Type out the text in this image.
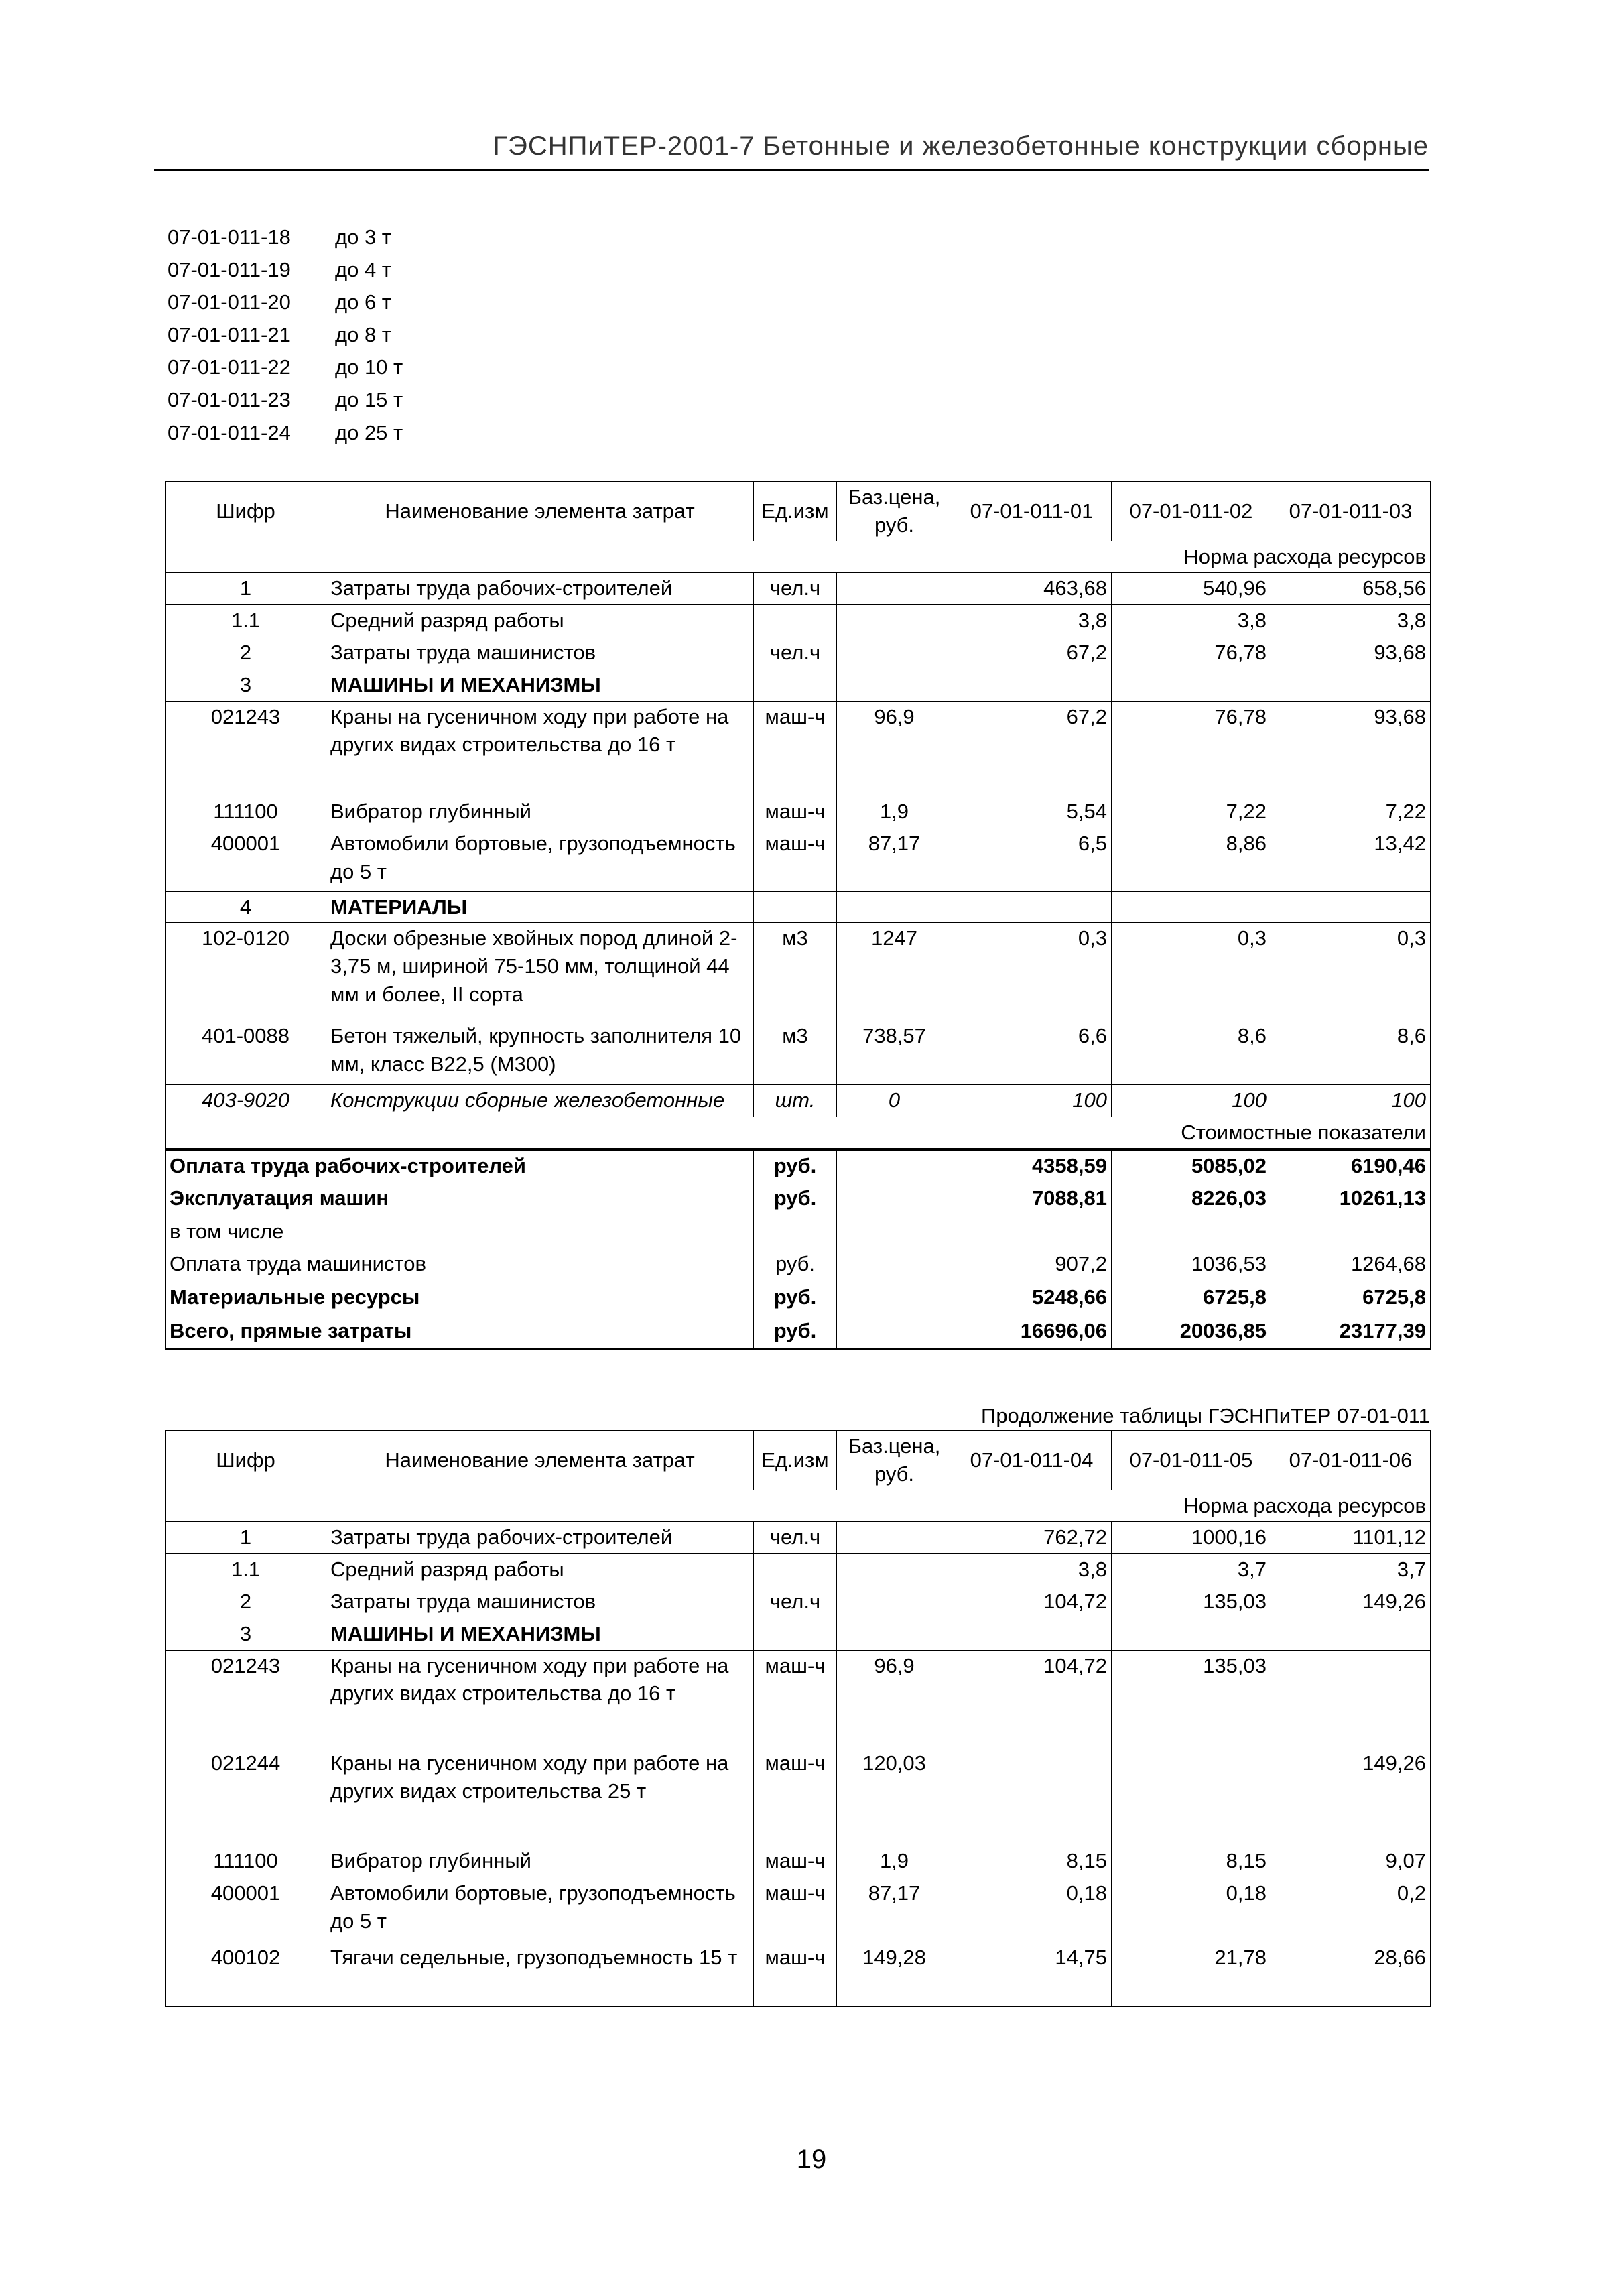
ГЭСНПиТЕР-2001-7 Бетонные и железобетонные конструкции сборные
07-01-011-18	до 3 т
07-01-011-19	до 4 т
07-01-011-20	до 6 т
07-01-011-21	до 8 т
07-01-011-22	до 10 т
07-01-011-23	до 15 т
07-01-011-24	до 25 т
Шифр	Наименование элемента затрат	Ед.изм	Баз.цена, руб.	07-01-011-01	07-01-011-02	07-01-011-03
Норма расхода ресурсов						
1	Затраты труда рабочих-строителей	чел.ч		463,68	540,96	658,56
1.1	Средний разряд работы			3,8	3,8	3,8
2	Затраты труда машинистов	чел.ч		67,2	76,78	93,68
3	МАШИНЫ И МЕХАНИЗМЫ					
021243	Краны на гусеничном ходу при работе на других видах строительства до 16 т	маш-ч	96,9	67,2	76,78	93,68
111100	Вибратор глубинный	маш-ч	1,9	5,54	7,22	7,22
400001	Автомобили бортовые, грузоподъемность до 5 т	маш-ч	87,17	6,5	8,86	13,42
4	МАТЕРИАЛЫ					
102-0120	Доски обрезные хвойных пород длиной 2-3,75 м, шириной 75-150 мм, толщиной 44 мм и более, II сорта	м3	1247	0,3	0,3	0,3
401-0088	Бетон тяжелый, крупность заполнителя 10 мм, класс В22,5 (М300)	м3	738,57	6,6	8,6	8,6
403-9020	Конструкции сборные железобетонные	шт.	0	100	100	100
Стоимостные показатели						
Оплата труда рабочих-строителей		руб.		4358,59	5085,02	6190,46
Эксплуатация машин		руб.		7088,81	8226,03	10261,13
в том числе						
Оплата труда машинистов		руб.		907,2	1036,53	1264,68
Материальные ресурсы		руб.		5248,66	6725,8	6725,8
Всего, прямые затраты		руб.		16696,06	20036,85	23177,39
Продолжение таблицы ГЭСНПиТЕР 07-01-011
Шифр	Наименование элемента затрат	Ед.изм	Баз.цена, руб.	07-01-011-04	07-01-011-05	07-01-011-06
Норма расхода ресурсов						
1	Затраты труда рабочих-строителей	чел.ч		762,72	1000,16	1101,12
1.1	Средний разряд работы			3,8	3,7	3,7
2	Затраты труда машинистов	чел.ч		104,72	135,03	149,26
3	МАШИНЫ И МЕХАНИЗМЫ					
021243	Краны на гусеничном ходу при работе на других видах строительства до 16 т	маш-ч	96,9	104,72	135,03	
021244	Краны на гусеничном ходу при работе на других видах строительства 25 т	маш-ч	120,03			149,26
111100	Вибратор глубинный	маш-ч	1,9	8,15	8,15	9,07
400001	Автомобили бортовые, грузоподъемность до 5 т	маш-ч	87,17	0,18	0,18	0,2
400102	Тягачи седельные, грузоподъемность 15 т	маш-ч	149,28	14,75	21,78	28,66
19
